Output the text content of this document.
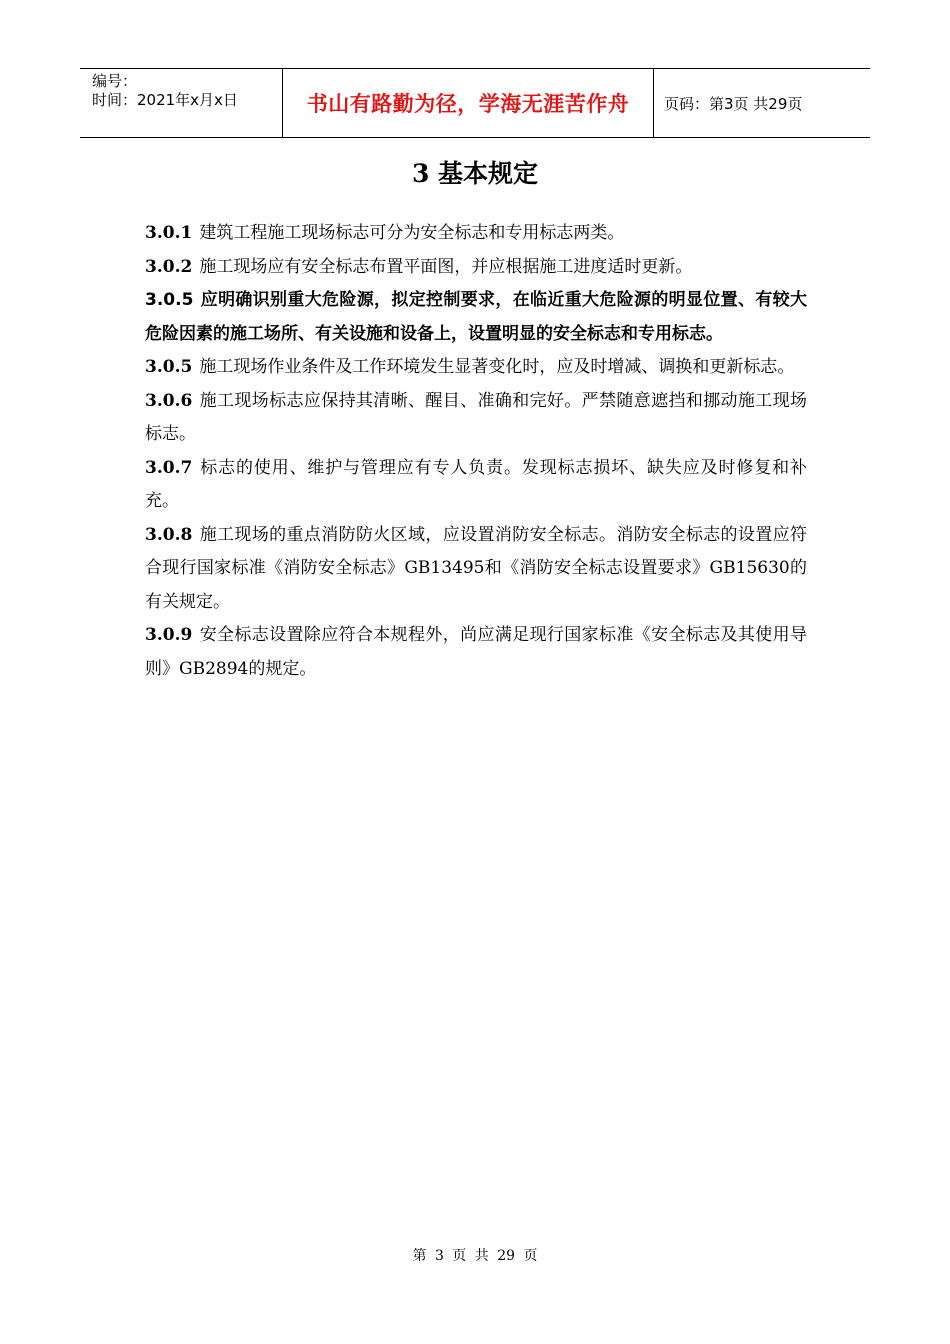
编号：
时间：2021年x月x日	书山有路勤为径，学海无涯苦作舟	页码：第3页 共29页
3 基本规定

3.0.1 建筑工程施工现场标志可分为安全标志和专用标志两类。

3.0.2 施工现场应有安全标志布置平面图，并应根据施工进度适时更新。

3.0.5 应明确识别重大危险源，拟定控制要求，在临近重大危险源的明显位置、有较大危险因素的施工场所、有关设施和设备上，设置明显的安全标志和专用标志。

3.0.5 施工现场作业条件及工作环境发生显著变化时，应及时增减、调换和更新标志。

3.0.6 施工现场标志应保持其清晰、醒目、准确和完好。严禁随意遮挡和挪动施工现场标志。

3.0.7 标志的使用、维护与管理应有专人负责。发现标志损坏、缺失应及时修复和补充。

3.0.8 施工现场的重点消防防火区域，应设置消防安全标志。消防安全标志的设置应符合现行国家标准《消防安全标志》GB13495和《消防安全标志设置要求》GB15630的有关规定。

3.0.9 安全标志设置除应符合本规程外，尚应满足现行国家标准《安全标志及其使用导则》GB2894的规定。

第 3 页 共 29 页
